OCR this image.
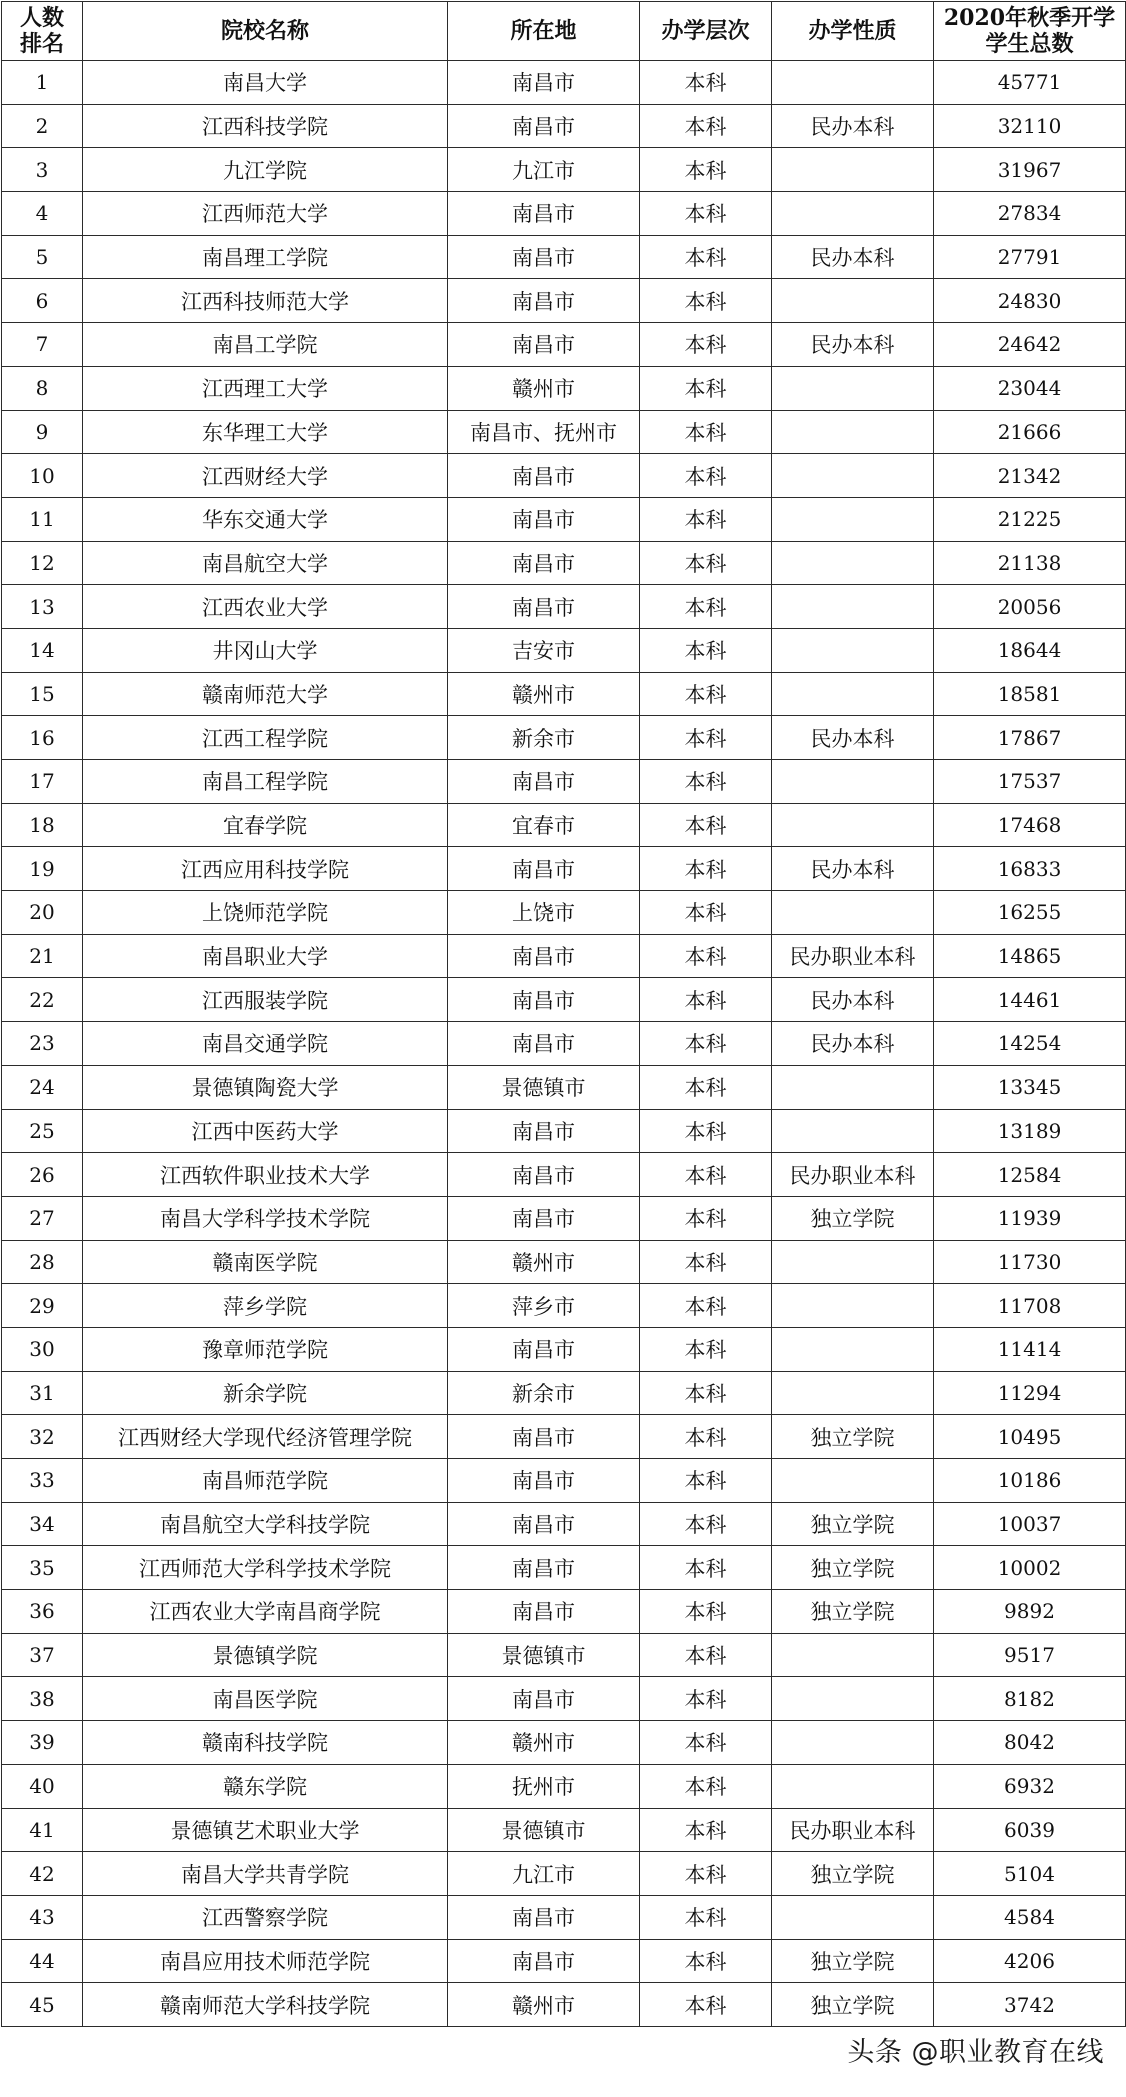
人数
排名	院校名称	所在地	办学层次	办学性质	2020年秋季开学
学生总数
1	南昌大学	南昌市	本科		45771
2	江西科技学院	南昌市	本科	民办本科	32110
3	九江学院	九江市	本科		31967
4	江西师范大学	南昌市	本科		27834
5	南昌理工学院	南昌市	本科	民办本科	27791
6	江西科技师范大学	南昌市	本科		24830
7	南昌工学院	南昌市	本科	民办本科	24642
8	江西理工大学	赣州市	本科		23044
9	东华理工大学	南昌市、抚州市	本科		21666
10	江西财经大学	南昌市	本科		21342
11	华东交通大学	南昌市	本科		21225
12	南昌航空大学	南昌市	本科		21138
13	江西农业大学	南昌市	本科		20056
14	井冈山大学	吉安市	本科		18644
15	赣南师范大学	赣州市	本科		18581
16	江西工程学院	新余市	本科	民办本科	17867
17	南昌工程学院	南昌市	本科		17537
18	宜春学院	宜春市	本科		17468
19	江西应用科技学院	南昌市	本科	民办本科	16833
20	上饶师范学院	上饶市	本科		16255
21	南昌职业大学	南昌市	本科	民办职业本科	14865
22	江西服装学院	南昌市	本科	民办本科	14461
23	南昌交通学院	南昌市	本科	民办本科	14254
24	景德镇陶瓷大学	景德镇市	本科		13345
25	江西中医药大学	南昌市	本科		13189
26	江西软件职业技术大学	南昌市	本科	民办职业本科	12584
27	南昌大学科学技术学院	南昌市	本科	独立学院	11939
28	赣南医学院	赣州市	本科		11730
29	萍乡学院	萍乡市	本科		11708
30	豫章师范学院	南昌市	本科		11414
31	新余学院	新余市	本科		11294
32	江西财经大学现代经济管理学院	南昌市	本科	独立学院	10495
33	南昌师范学院	南昌市	本科		10186
34	南昌航空大学科技学院	南昌市	本科	独立学院	10037
35	江西师范大学科学技术学院	南昌市	本科	独立学院	10002
36	江西农业大学南昌商学院	南昌市	本科	独立学院	9892
37	景德镇学院	景德镇市	本科		9517
38	南昌医学院	南昌市	本科		8182
39	赣南科技学院	赣州市	本科		8042
40	赣东学院	抚州市	本科		6932
41	景德镇艺术职业大学	景德镇市	本科	民办职业本科	6039
42	南昌大学共青学院	九江市	本科	独立学院	5104
43	江西警察学院	南昌市	本科		4584
44	南昌应用技术师范学院	南昌市	本科	独立学院	4206
45	赣南师范大学科技学院	赣州市	本科	独立学院	3742
头条 @职业教育在线
